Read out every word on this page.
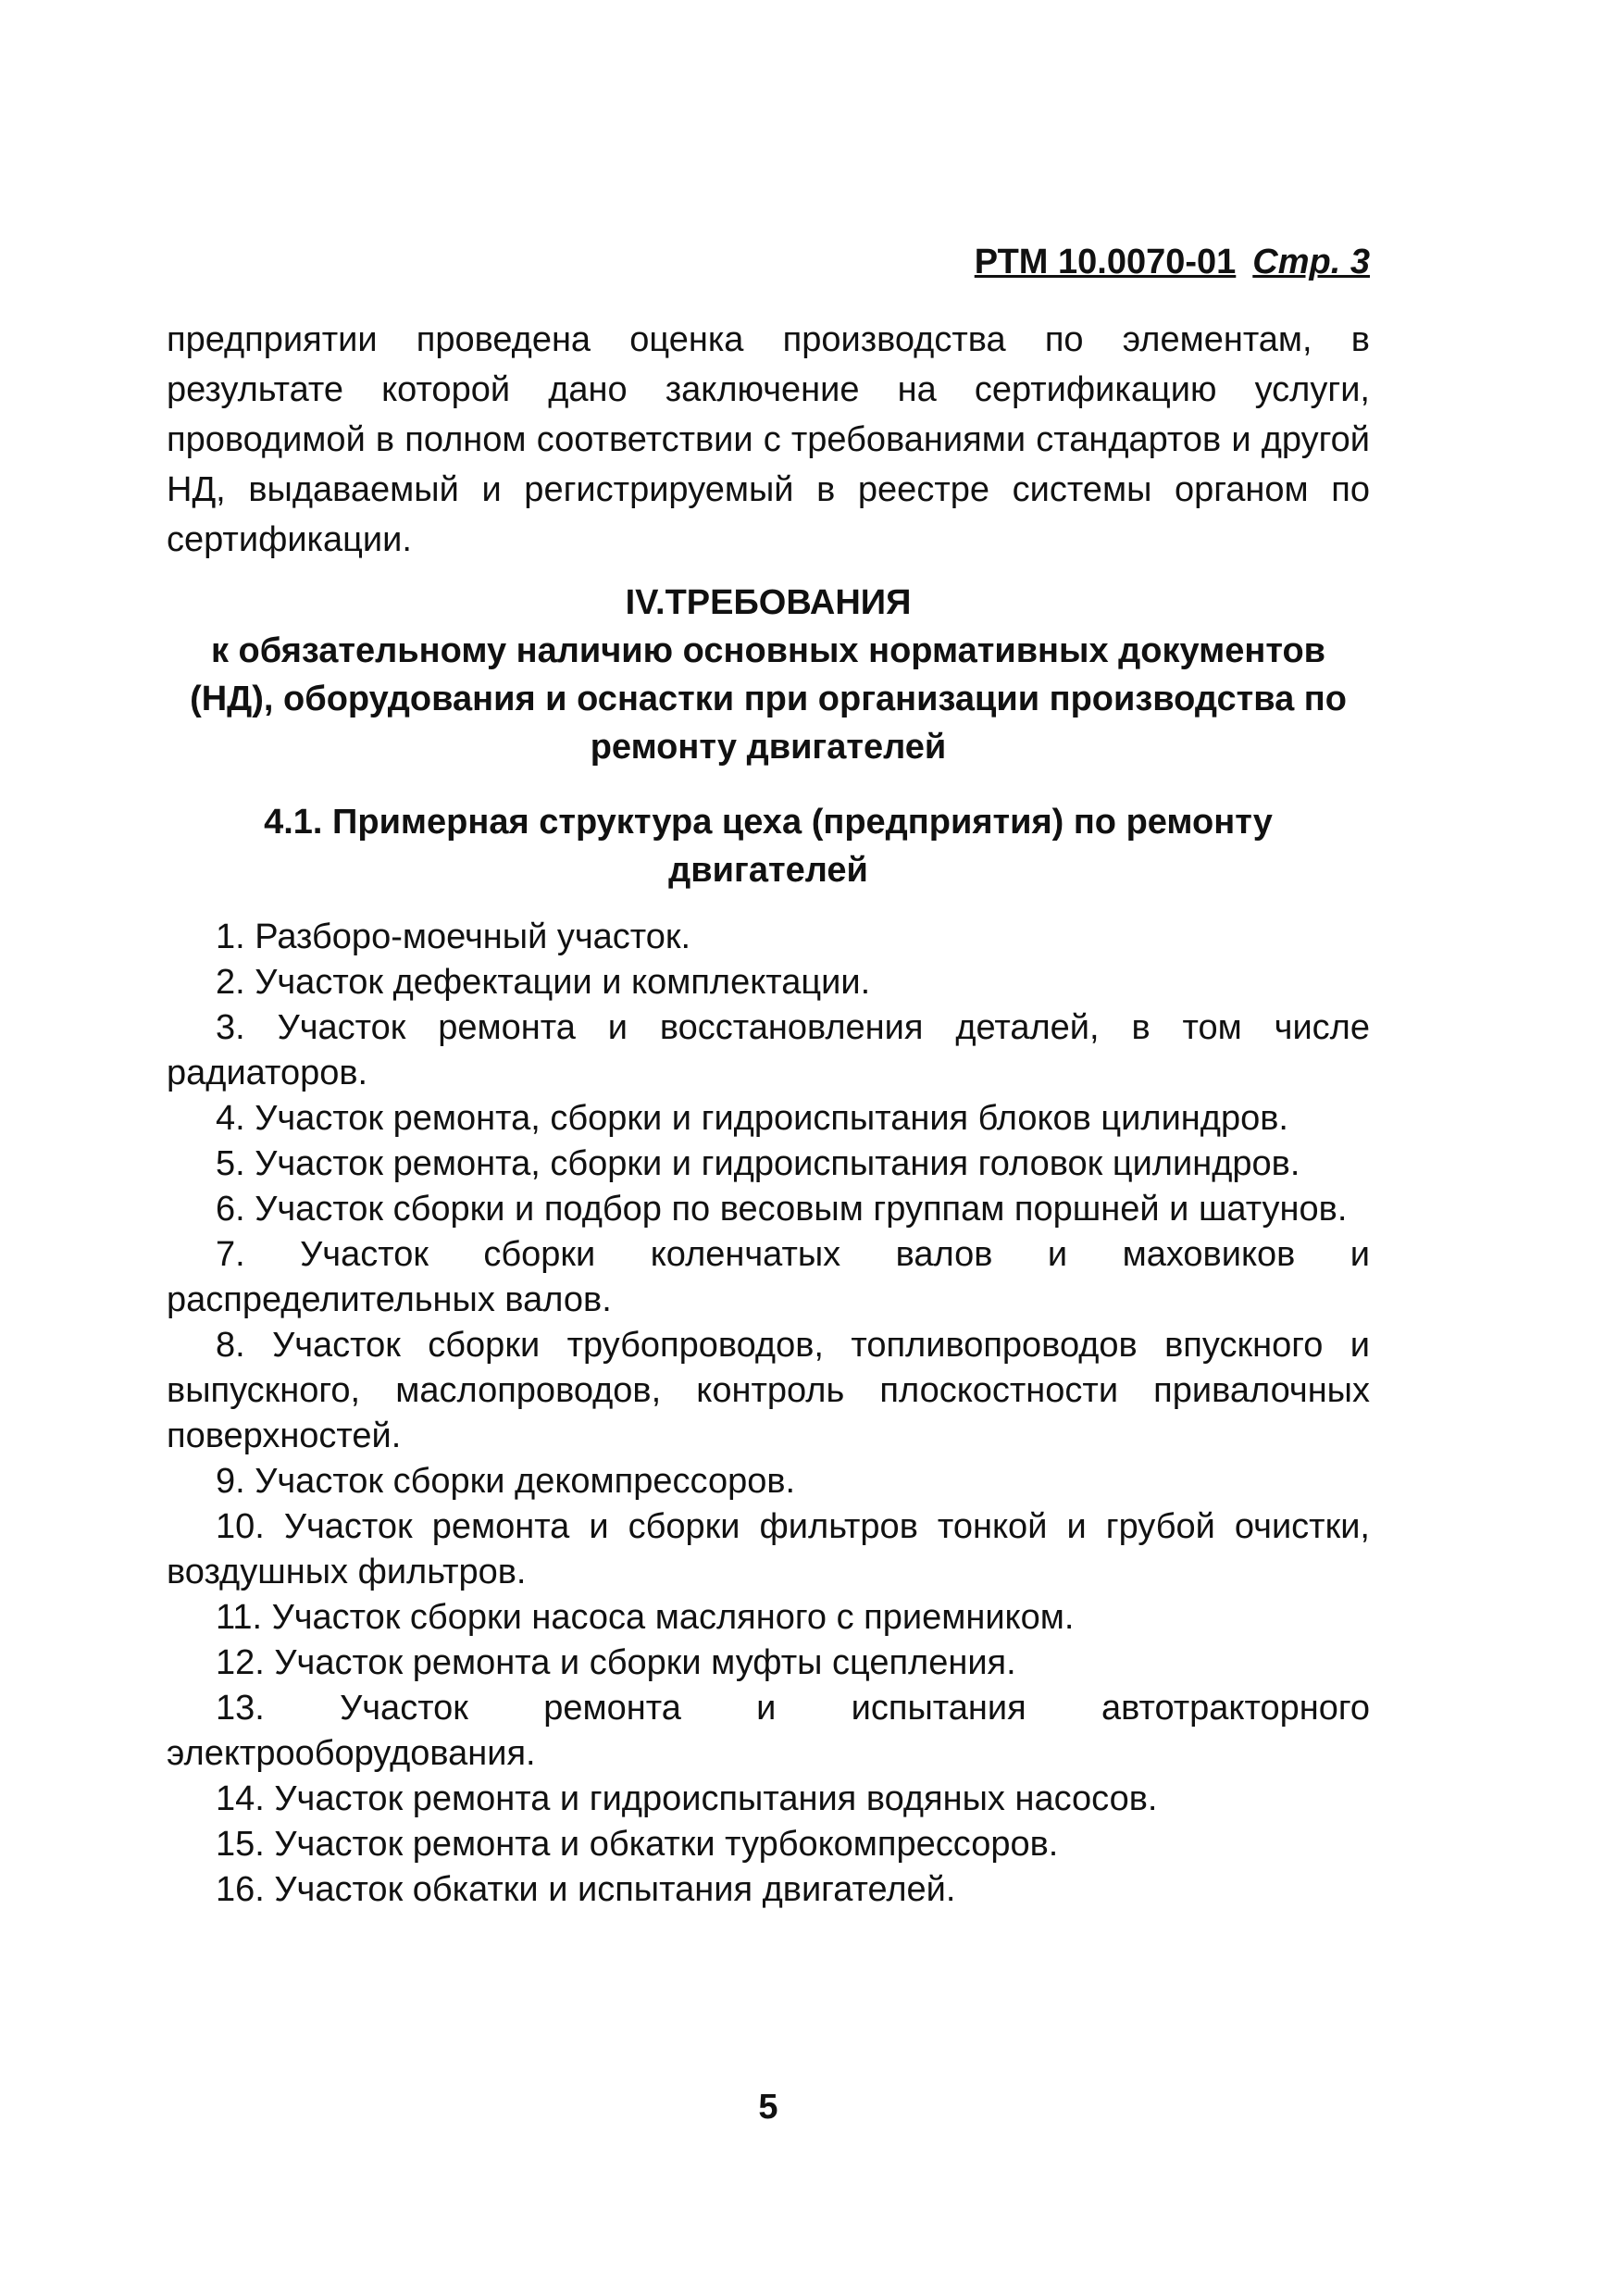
РТМ 10.0070-01 Стр. 3

предприятии проведена оценка производства по элементам, в результате которой дано заключение на сертификацию услуги, проводимой в полном соответствии с требованиями стандартов и другой НД, выдаваемый и регистрируемый в реестре системы органом по сертификации.

IV.ТРЕБОВАНИЯ
к обязательному наличию основных нормативных документов (НД), оборудования и оснастки при организации производства по ремонту двигателей
4.1. Примерная структура цеха (предприятия) по ремонту двигателей
1. Разборо-моечный участок.
2. Участок дефектации и комплектации.
3. Участок ремонта и восстановления деталей, в том числе радиаторов.
4. Участок ремонта, сборки и гидроиспытания блоков цилиндров.
5. Участок ремонта, сборки и гидроиспытания головок цилиндров.
6. Участок сборки и подбор по весовым группам поршней и шатунов.
7. Участок сборки коленчатых валов и маховиков и распределительных валов.
8. Участок сборки трубопроводов, топливопроводов впускного и выпускного, маслопроводов, контроль плоскостности привалочных поверхностей.
9. Участок сборки декомпрессоров.
10. Участок ремонта и сборки фильтров тонкой и грубой очистки, воздушных фильтров.
11. Участок сборки насоса масляного с приемником.
12. Участок ремонта и сборки муфты сцепления.
13. Участок ремонта и испытания автотракторного электрооборудования.
14. Участок ремонта и гидроиспытания водяных насосов.
15. Участок ремонта и обкатки турбокомпрессоров.
16. Участок обкатки и испытания двигателей.
5
